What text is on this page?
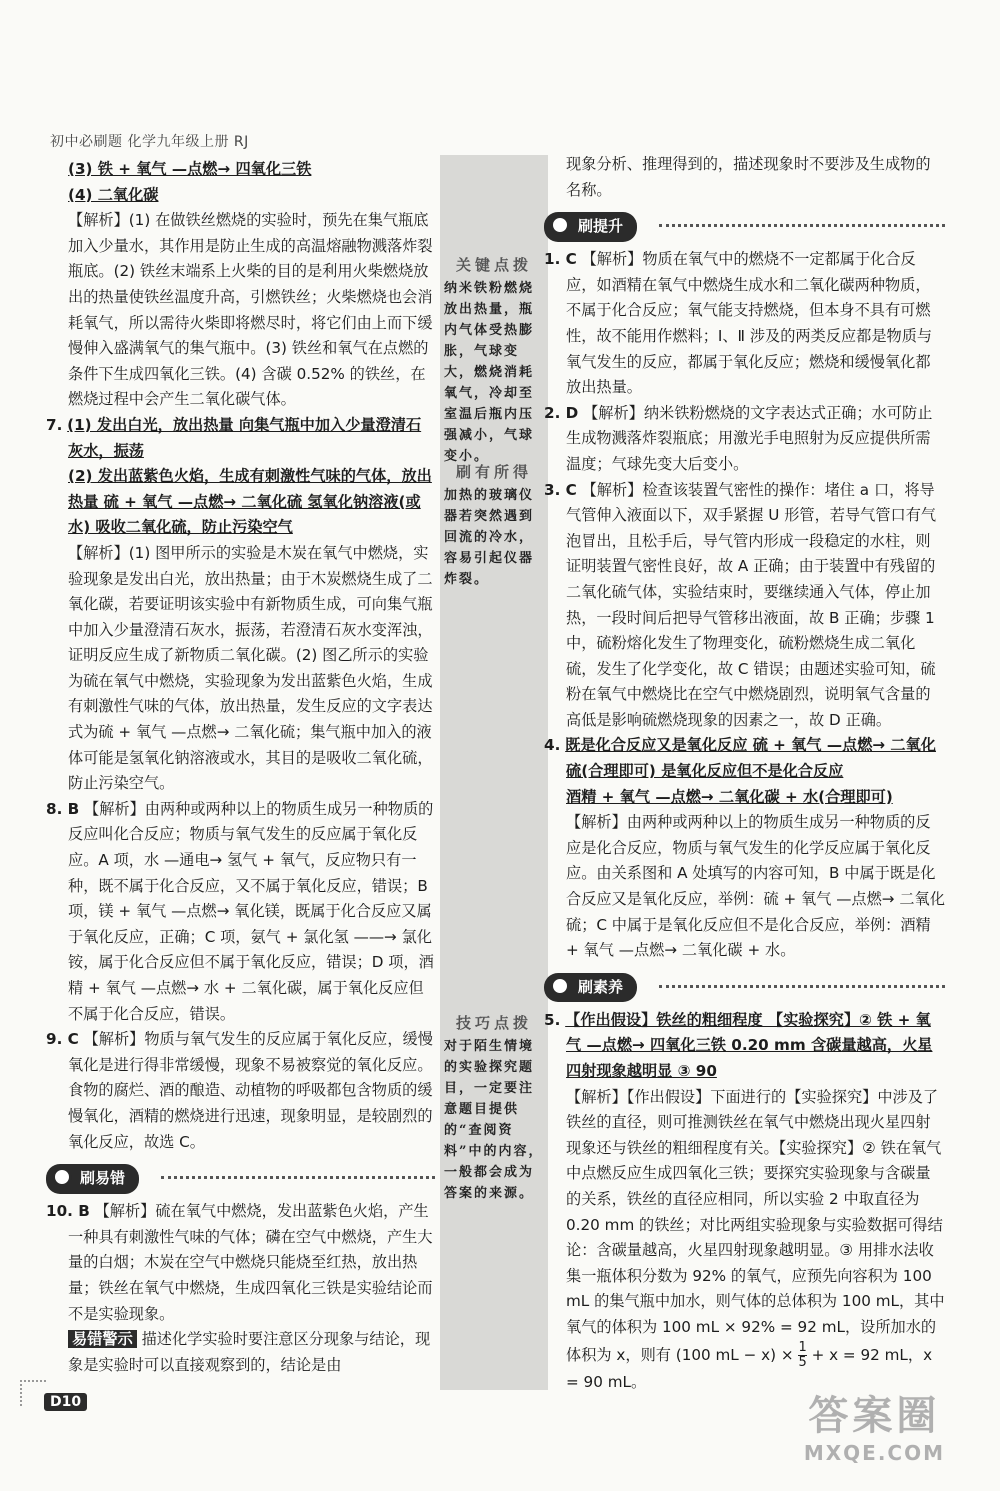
初中必刷题 化学九年级上册 RJ

(3) 铁 + 氧气 —点燃→ 四氧化三铁

(4) 二氧化碳

【解析】(1) 在做铁丝燃烧的实验时，预先在集气瓶底加入少量水，其作用是防止生成的高温熔融物溅落炸裂瓶底。(2) 铁丝末端系上火柴的目的是利用火柴燃烧放出的热量使铁丝温度升高，引燃铁丝；火柴燃烧也会消耗氧气，所以需待火柴即将燃尽时，将它们由上而下缓慢伸入盛满氧气的集气瓶中。(3) 铁丝和氧气在点燃的条件下生成四氧化三铁。(4) 含碳 0.52% 的铁丝，在燃烧过程中会产生二氧化碳气体。

7. (1) 发出白光，放出热量 向集气瓶中加入少量澄清石灰水，振荡

(2) 发出蓝紫色火焰，生成有刺激性气味的气体，放出热量 硫 + 氧气 —点燃→ 二氧化硫 氢氧化钠溶液(或水) 吸收二氧化硫，防止污染空气

【解析】(1) 图甲所示的实验是木炭在氧气中燃烧，实验现象是发出白光，放出热量；由于木炭燃烧生成了二氧化碳，若要证明该实验中有新物质生成，可向集气瓶中加入少量澄清石灰水，振荡，若澄清石灰水变浑浊，证明反应生成了新物质二氧化碳。(2) 图乙所示的实验为硫在氧气中燃烧，实验现象为发出蓝紫色火焰，生成有刺激性气味的气体，放出热量，发生反应的文字表达式为硫 + 氧气 —点燃→ 二氧化硫；集气瓶中加入的液体可能是氢氧化钠溶液或水，其目的是吸收二氧化硫，防止污染空气。

8. B 【解析】由两种或两种以上的物质生成另一种物质的反应叫化合反应；物质与氧气发生的反应属于氧化反应。A 项，水 —通电→ 氢气 + 氧气，反应物只有一种，既不属于化合反应，又不属于氧化反应，错误；B 项，镁 + 氧气 —点燃→ 氧化镁，既属于化合反应又属于氧化反应，正确；C 项，氨气 + 氯化氢 ——→ 氯化铵，属于化合反应但不属于氧化反应，错误；D 项，酒精 + 氧气 —点燃→ 水 + 二氧化碳，属于氧化反应但不属于化合反应，错误。

9. C 【解析】物质与氧气发生的反应属于氧化反应，缓慢氧化是进行得非常缓慢，现象不易被察觉的氧化反应。食物的腐烂、酒的酿造、动植物的呼吸都包含物质的缓慢氧化，酒精的燃烧进行迅速，现象明显，是较剧烈的氧化反应，故选 C。

刷易错

10. B 【解析】硫在氧气中燃烧，发出蓝紫色火焰，产生一种具有刺激性气味的气体；磷在空气中燃烧，产生大量的白烟；木炭在空气中燃烧只能烧至红热，放出热量；铁丝在氧气中燃烧，生成四氧化三铁是实验结论而不是实验现象。

易错警示 描述化学实验时要注意区分现象与结论，现象是实验时可以直接观察到的，结论是由

关键点拨
纳米铁粉燃烧放出热量，瓶内气体受热膨胀，气球变大，燃烧消耗氧气，冷却至室温后瓶内压强减小，气球变小。
刷有所得
加热的玻璃仪器若突然遇到回流的冷水，容易引起仪器炸裂。
技巧点拨
对于陌生情境的实验探究题目，一定要注意题目提供的“查阅资料”中的内容，一般都会成为答案的来源。

现象分析、推理得到的，描述现象时不要涉及生成物的名称。

刷提升

1. C 【解析】物质在氧气中的燃烧不一定都属于化合反应，如酒精在氧气中燃烧生成水和二氧化碳两种物质，不属于化合反应；氧气能支持燃烧，但本身不具有可燃性，故不能用作燃料；Ⅰ、Ⅱ 涉及的两类反应都是物质与氧气发生的反应，都属于氧化反应；燃烧和缓慢氧化都放出热量。

2. D 【解析】纳米铁粉燃烧的文字表达式正确；水可防止生成物溅落炸裂瓶底；用激光手电照射为反应提供所需温度；气球先变大后变小。

3. C 【解析】检查该装置气密性的操作：堵住 a 口，将导气管伸入液面以下，双手紧握 U 形管，若导气管口有气泡冒出，且松手后，导气管内形成一段稳定的水柱，则证明装置气密性良好，故 A 正确；由于装置中有残留的二氧化硫气体，实验结束时，要继续通入气体，停止加热，一段时间后把导气管移出液面，故 B 正确；步骤 1 中，硫粉熔化发生了物理变化，硫粉燃烧生成二氧化硫，发生了化学变化，故 C 错误；由题述实验可知，硫粉在氧气中燃烧比在空气中燃烧剧烈，说明氧气含量的高低是影响硫燃烧现象的因素之一，故 D 正确。

4. 既是化合反应又是氧化反应 硫 + 氧气 —点燃→ 二氧化硫(合理即可) 是氧化反应但不是化合反应

酒精 + 氧气 —点燃→ 二氧化碳 + 水(合理即可)

【解析】由两种或两种以上的物质生成另一种物质的反应是化合反应，物质与氧气发生的化学反应属于氧化反应。由关系图和 A 处填写的内容可知，B 中属于既是化合反应又是氧化反应，举例：硫 + 氧气 —点燃→ 二氧化硫；C 中属于是氧化反应但不是化合反应，举例：酒精 + 氧气 —点燃→ 二氧化碳 + 水。

刷素养

5. 【作出假设】铁丝的粗细程度 【实验探究】② 铁 + 氧气 —点燃→ 四氧化三铁 0.20 mm 含碳量越高，火星四射现象越明显 ③ 90

【解析】【作出假设】下面进行的【实验探究】中涉及了铁丝的直径，则可推测铁丝在氧气中燃烧出现火星四射现象还与铁丝的粗细程度有关。【实验探究】② 铁在氧气中点燃反应生成四氧化三铁；要探究实验现象与含碳量的关系，铁丝的直径应相同，所以实验 2 中取直径为 0.20 mm 的铁丝；对比两组实验现象与实验数据可得结论：含碳量越高，火星四射现象越明显。③ 用排水法收集一瓶体积分数为 92% 的氧气，应预先向容积为 100 mL 的集气瓶中加水，则气体的总体积为 100 mL，其中氧气的体积为 100 mL × 92% = 92 mL，设所加水的体积为 x，则有 (100 mL − $x) \times \frac{1}{5} + x = 92$ mL，x = 90 mL。

D10	答案圈
MXQE.COM
